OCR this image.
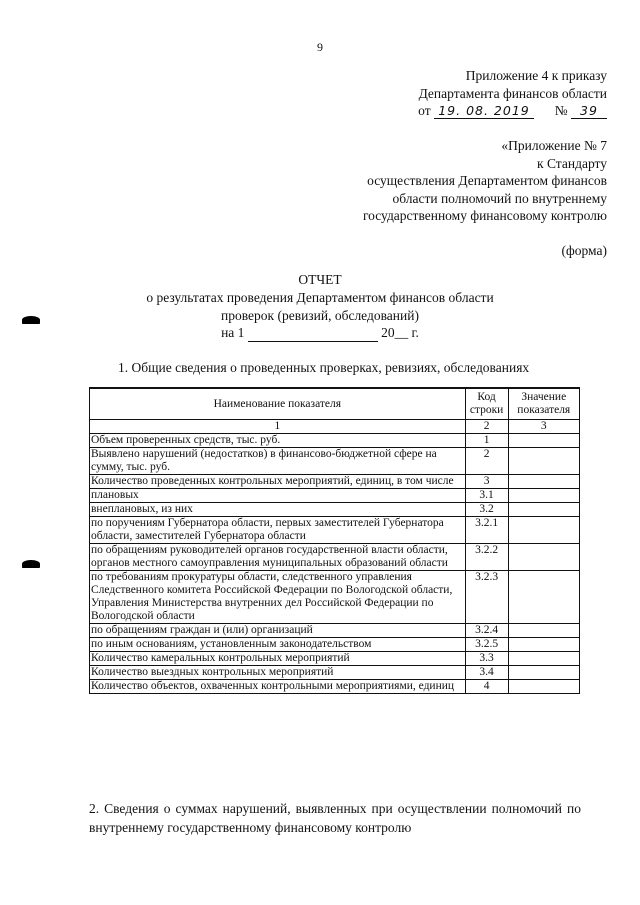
9
Приложение 4 к приказу
Департамента финансов области
от 19. 08. 2019 № 39
«Приложение № 7
к Стандарту
осуществления Департаментом финансов
области полномочий по внутреннему
государственному финансовому контролю
(форма)
ОТЧЕТ
о результатах проведения Департаментом финансов области
проверок (ревизий, обследований)
на 1	20__ г.
1. Общие сведения о проведенных проверках, ревизиях, обследованиях
Наименование показателя	Код строки	Значение показателя
1	2	3
Объем проверенных средств, тыс. руб.	1	
Выявлено нарушений (недостатков) в финансово-бюджетной сфере на сумму, тыс. руб.	2	
Количество проведенных контрольных мероприятий, единиц, в том числе	3	
плановых	3.1	
внеплановых, из них	3.2	
по поручениям Губернатора области, первых заместителей Губернатора области, заместителей Губернатора области	3.2.1	
по обращениям руководителей органов государственной власти области, органов местного самоуправления муниципальных образований области	3.2.2	
по требованиям прокуратуры области, следственного управления Следственного комитета Российской Федерации по Вологодской области, Управления Министерства внутренних дел Российской Федерации по Вологодской области	3.2.3	
по обращениям граждан и (или) организаций	3.2.4	
по иным основаниям, установленным законодательством	3.2.5	
Количество камеральных контрольных мероприятий	3.3	
Количество выездных контрольных мероприятий	3.4	
Количество объектов, охваченных контрольными мероприятиями, единиц	4	
2. Сведения о суммах нарушений, выявленных при осуществлении полномочий по внутреннему государственному финансовому контролю
